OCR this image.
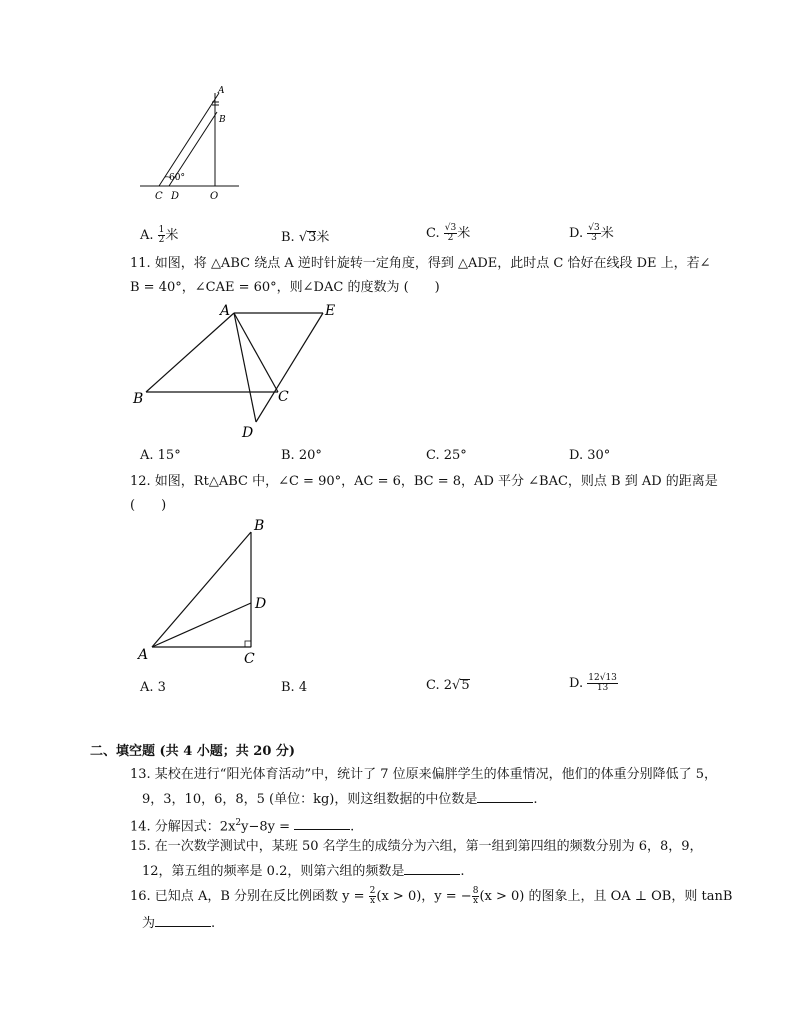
A
B
60°
C D	O
A. $\frac{1}{2}$ 米	B. √3米	C. $\frac{√3}{2}$ 米	D. $\frac{√3}{3}$ 米
11. 如图，将 △ABC 绕点 A 逆时针旋转一定角度，得到 △ADE，此时点 C 恰好在线段 DE 上，若∠
B = 40°，∠CAE = 60°，则∠DAC 的度数为 (　　)
A	E
B	C
D
A. 15°	B. 20°	C. 25°	D. 30°
12. 如图，Rt△ABC 中，∠C = 90°，AC = 6，BC = 8，AD 平分 ∠BAC，则点 B 到 AD 的距离是
(　　)
B
D
A	C
A. 3	B. 4	C. 2√5	D. $\frac{12√13}{13}$
二、填空题 (共 4 小题；共 20 分)
13. 某校在进行“阳光体育活动”中，统计了 7 位原来偏胖学生的体重情况，他们的体重分别降低了 5，
9，3，10，6，8，5 (单位：kg)，则这组数据的中位数是	.
14. 分解因式：$2x^2y-8y$ =	.
15. 在一次数学测试中，某班 50 名学生的成绩分为六组，第一组到第四组的频数分别为 6，8，9，
12，第五组的频率是 0.2，则第六组的频数是	.
16. 已知点 A，B 分别在反比例函数 $y = \frac{2}{x} (x > 0)$，y = − $\frac{8}{x} (x > 0)$ 的图象上，且 OA ⊥ OB，则 tanB
为	.
